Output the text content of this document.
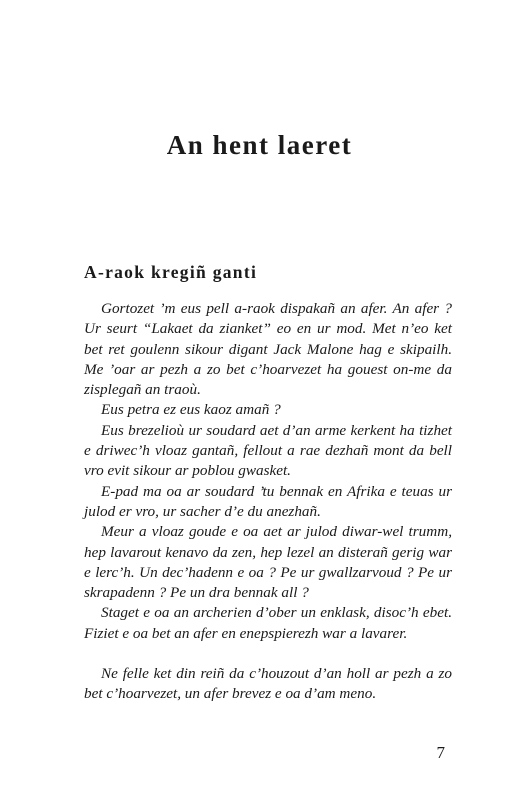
An hent laeret
A-raok kregiñ ganti

Gortozet ’m eus pell a-raok dispakañ an afer. An afer ? Ur seurt “Lakaet da zianket” eo en ur mod. Met n’eo ket bet ret goulenn sikour digant Jack Malone hag e skipailh. Me ’oar ar pezh a zo bet c’hoarvezet ha gouest on-me da zisplegañ an traoù.

Eus petra ez eus kaoz amañ ?

Eus brezelioù ur soudard aet d’an arme kerkent ha tizhet e driwec’h vloaz gantañ, fellout a rae dezhañ mont da bell vro evit sikour ar poblou gwasket.

E-pad ma oa ar soudard ’tu bennak en Afrika e teuas ur julod er vro, ur sacher d’e du anezhañ.

Meur a vloaz goude e oa aet ar julod diwar-wel trumm, hep lavarout kenavo da zen, hep lezel an disterañ gerig war e lerc’h. Un dec’hadenn e oa ? Pe ur gwallzarvoud ? Pe ur skrapadenn ? Pe un dra bennak all ?

Staget e oa an archerien d’ober un enklask, disoc’h ebet. Fiziet e oa bet an afer en enepspierezh war a lavarer.

Ne felle ket din reiñ da c’houzout d’an holl ar pezh a zo bet c’hoarvezet, un afer brevez e oa d’am meno.

7
